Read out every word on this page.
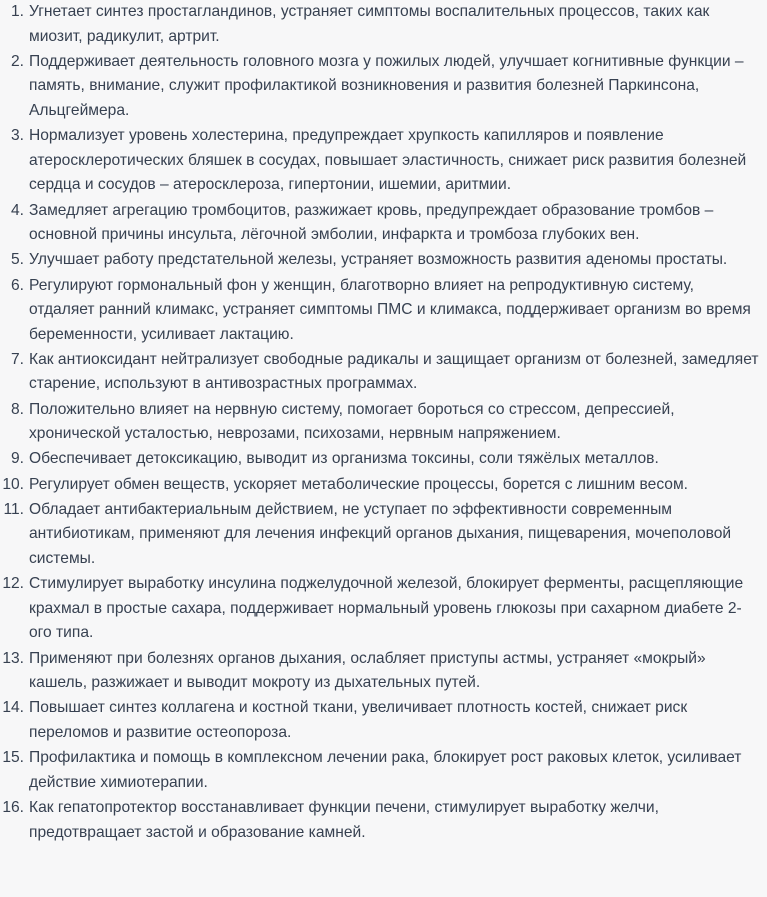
1. Угнетает синтез простагландинов, устраняет симптомы воспалительных процессов, таких как миозит, радикулит, артрит.
2. Поддерживает деятельность головного мозга у пожилых людей, улучшает когнитивные функции – память, внимание, служит профилактикой возникновения и развития болезней Паркинсона, Альцгеймера.
3. Нормализует уровень холестерина, предупреждает хрупкость капилляров и появление атеросклеротических бляшек в сосудах, повышает эластичность, снижает риск развития болезней сердца и сосудов – атеросклероза, гипертонии, ишемии, аритмии.
4. Замедляет агрегацию тромбоцитов, разжижает кровь, предупреждает образование тромбов – основной причины инсульта, лёгочной эмболии, инфаркта и тромбоза глубоких вен.
5. Улучшает работу предстательной железы, устраняет возможность развития аденомы простаты.
6. Регулируют гормональный фон у женщин, благотворно влияет на репродуктивную систему, отдаляет ранний климакс, устраняет симптомы ПМС и климакса, поддерживает организм во время беременности, усиливает лактацию.
7. Как антиоксидант нейтрализует свободные радикалы и защищает организм от болезней, замедляет старение, используют в антивозрастных программах.
8. Положительно влияет на нервную систему, помогает бороться со стрессом, депрессией, хронической усталостью, неврозами, психозами, нервным напряжением.
9. Обеспечивает детоксикацию, выводит из организма токсины, соли тяжёлых металлов.
10. Регулирует обмен веществ, ускоряет метаболические процессы, борется с лишним весом.
11. Обладает антибактериальным действием, не уступает по эффективности современным антибиотикам, применяют для лечения инфекций органов дыхания, пищеварения, мочеполовой системы.
12. Стимулирует выработку инсулина поджелудочной железой, блокирует ферменты, расщепляющие крахмал в простые сахара, поддерживает нормальный уровень глюкозы при сахарном диабете 2-ого типа.
13. Применяют при болезнях органов дыхания, ослабляет приступы астмы, устраняет «мокрый» кашель, разжижает и выводит мокроту из дыхательных путей.
14. Повышает синтез коллагена и костной ткани, увеличивает плотность костей, снижает риск переломов и развитие остеопороза.
15. Профилактика и помощь в комплексном лечении рака, блокирует рост раковых клеток, усиливает действие химиотерапии.
16. Как гепатопротектор восстанавливает функции печени, стимулирует выработку желчи, предотвращает застой и образование камней.
